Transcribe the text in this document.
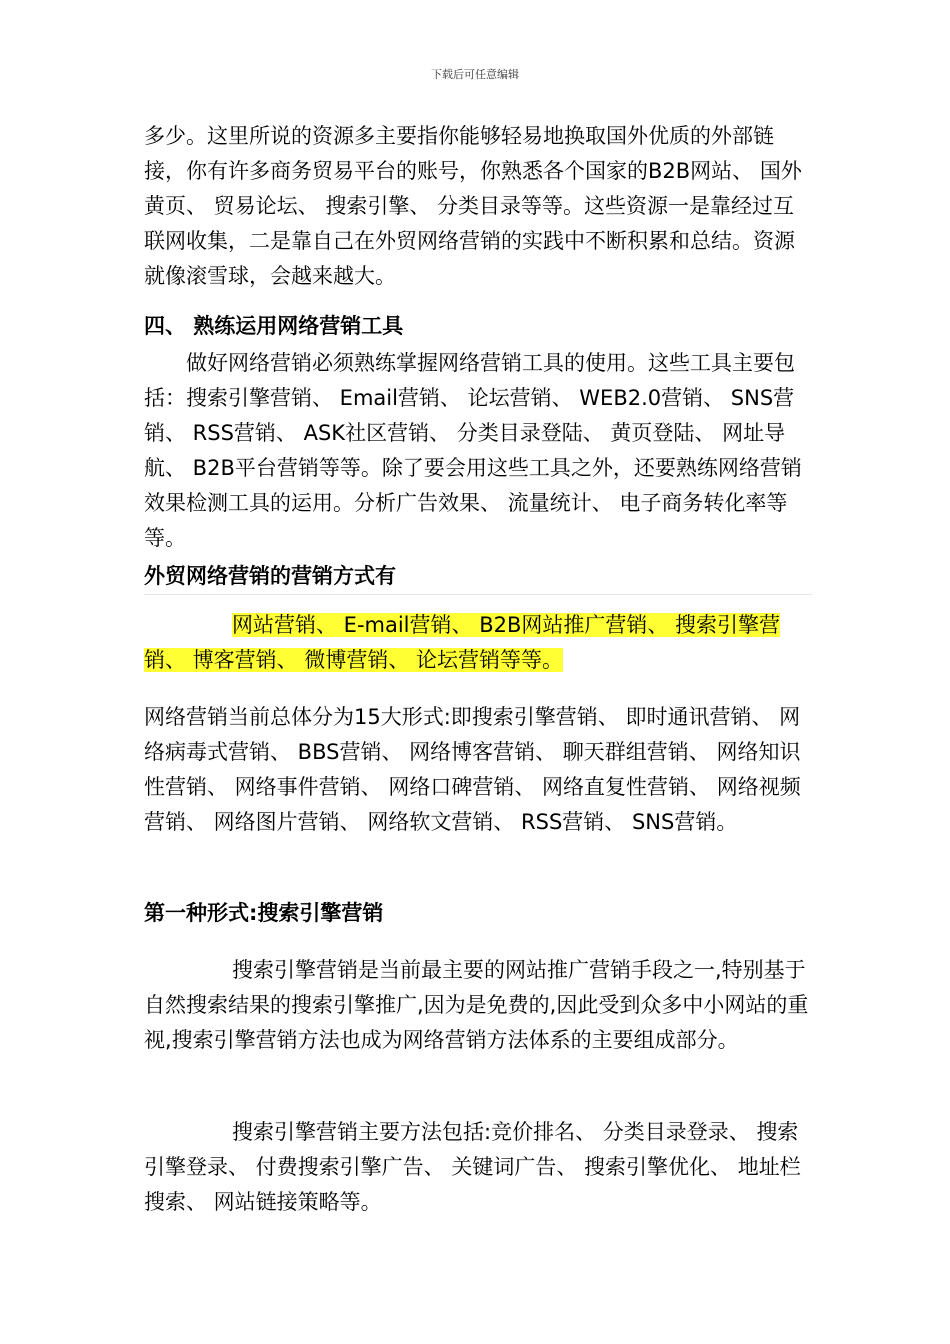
下载后可任意编辑

多少。这里所说的资源多主要指你能够轻易地换取国外优质的外部链接，你有许多商务贸易平台的账号，你熟悉各个国家的B2B网站、 国外黄页、 贸易论坛、 搜索引擎、 分类目录等等。这些资源一是靠经过互联网收集，二是靠自己在外贸网络营销的实践中不断积累和总结。资源就像滚雪球，会越来越大。

四、 熟练运用网络营销工具

做好网络营销必须熟练掌握网络营销工具的使用。这些工具主要包括：搜索引擎营销、 Email营销、 论坛营销、 WEB2.0营销、 SNS营销、 RSS营销、 ASK社区营销、 分类目录登陆、 黄页登陆、 网址导航、 B2B平台营销等等。除了要会用这些工具之外，还要熟练网络营销效果检测工具的运用。分析广告效果、 流量统计、 电子商务转化率等等。

外贸网络营销的营销方式有

网站营销、 E-mail营销、 B2B网站推广营销、 搜索引擎营销、 博客营销、 微博营销、 论坛营销等等。

网络营销当前总体分为15大形式:即搜索引擎营销、 即时通讯营销、 网络病毒式营销、 BBS营销、 网络博客营销、 聊天群组营销、 网络知识性营销、 网络事件营销、 网络口碑营销、 网络直复性营销、 网络视频营销、 网络图片营销、 网络软文营销、 RSS营销、 SNS营销。

第一种形式:搜索引擎营销

搜索引擎营销是当前最主要的网站推广营销手段之一,特别基于自然搜索结果的搜索引擎推广,因为是免费的,因此受到众多中小网站的重视,搜索引擎营销方法也成为网络营销方法体系的主要组成部分。

搜索引擎营销主要方法包括:竞价排名、 分类目录登录、 搜索引擎登录、 付费搜索引擎广告、 关键词广告、 搜索引擎优化、 地址栏搜索、 网站链接策略等。
